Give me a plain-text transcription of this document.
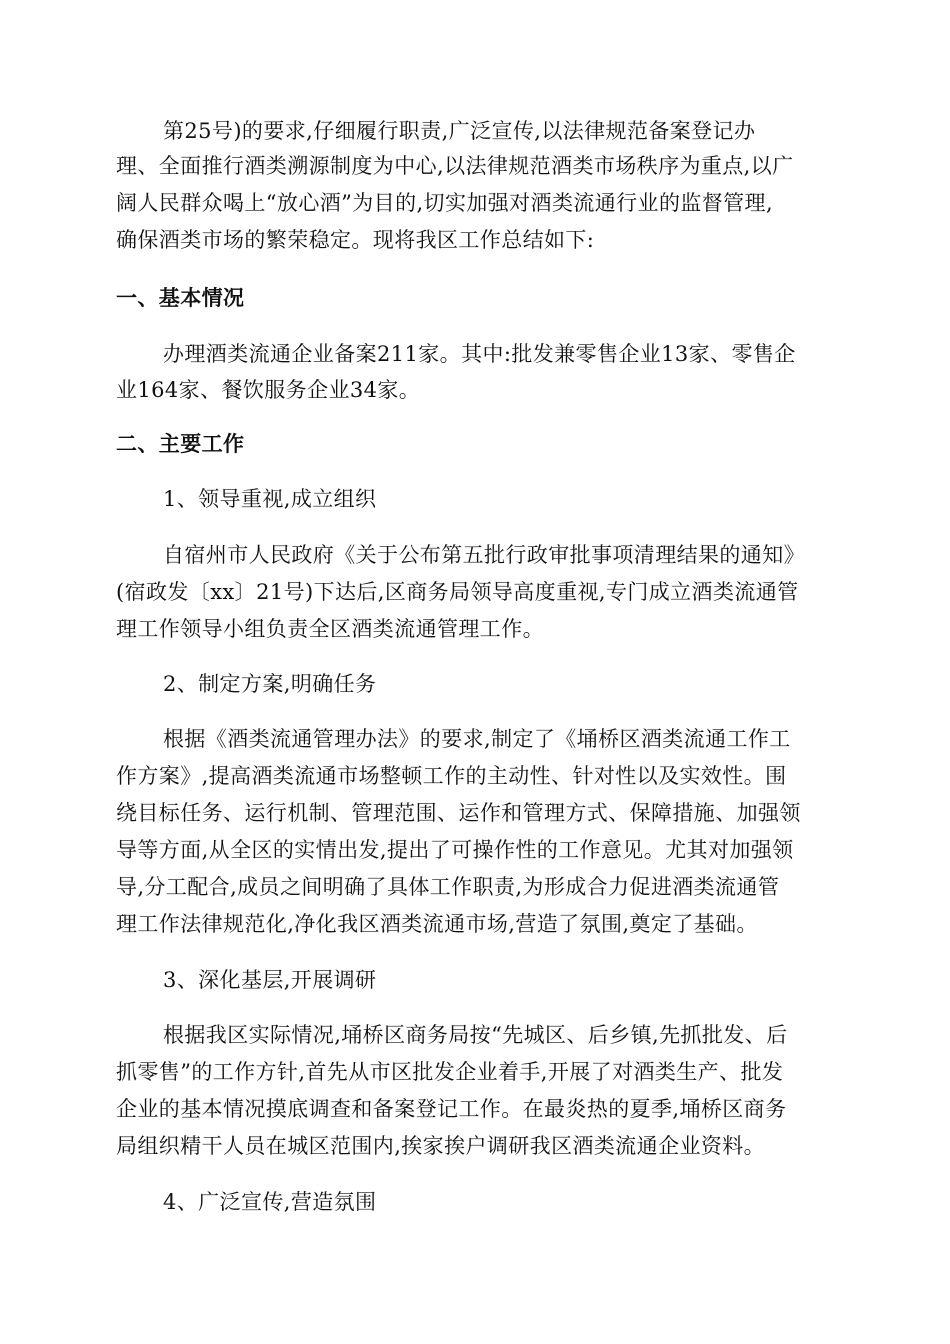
第25号)的要求,仔细履行职责,广泛宣传,以法律规范备案登记办
理、全面推行酒类溯源制度为中心,以法律规范酒类市场秩序为重点,以广
阔人民群众喝上“放心酒”为目的,切实加强对酒类流通行业的监督管理,
确保酒类市场的繁荣稳定。现将我区工作总结如下:
一、基本情况
办理酒类流通企业备案211家。其中:批发兼零售企业13家、零售企
业164家、餐饮服务企业34家。
二、主要工作
1、领导重视,成立组织
自宿州市人民政府《关于公布第五批行政审批事项清理结果的通知》
(宿政发〔xx〕21号)下达后,区商务局领导高度重视,专门成立酒类流通管
理工作领导小组负责全区酒类流通管理工作。
2、制定方案,明确任务
根据《酒类流通管理办法》的要求,制定了《埇桥区酒类流通工作工
作方案》,提高酒类流通市场整顿工作的主动性、针对性以及实效性。围
绕目标任务、运行机制、管理范围、运作和管理方式、保障措施、加强领
导等方面,从全区的实情出发,提出了可操作性的工作意见。尤其对加强领
导,分工配合,成员之间明确了具体工作职责,为形成合力促进酒类流通管
理工作法律规范化,净化我区酒类流通市场,营造了氛围,奠定了基础。
3、深化基层,开展调研
根据我区实际情况,埇桥区商务局按“先城区、后乡镇,先抓批发、后
抓零售”的工作方针,首先从市区批发企业着手,开展了对酒类生产、批发
企业的基本情况摸底调查和备案登记工作。在最炎热的夏季,埇桥区商务
局组织精干人员在城区范围内,挨家挨户调研我区酒类流通企业资料。
4、广泛宣传,营造氛围
